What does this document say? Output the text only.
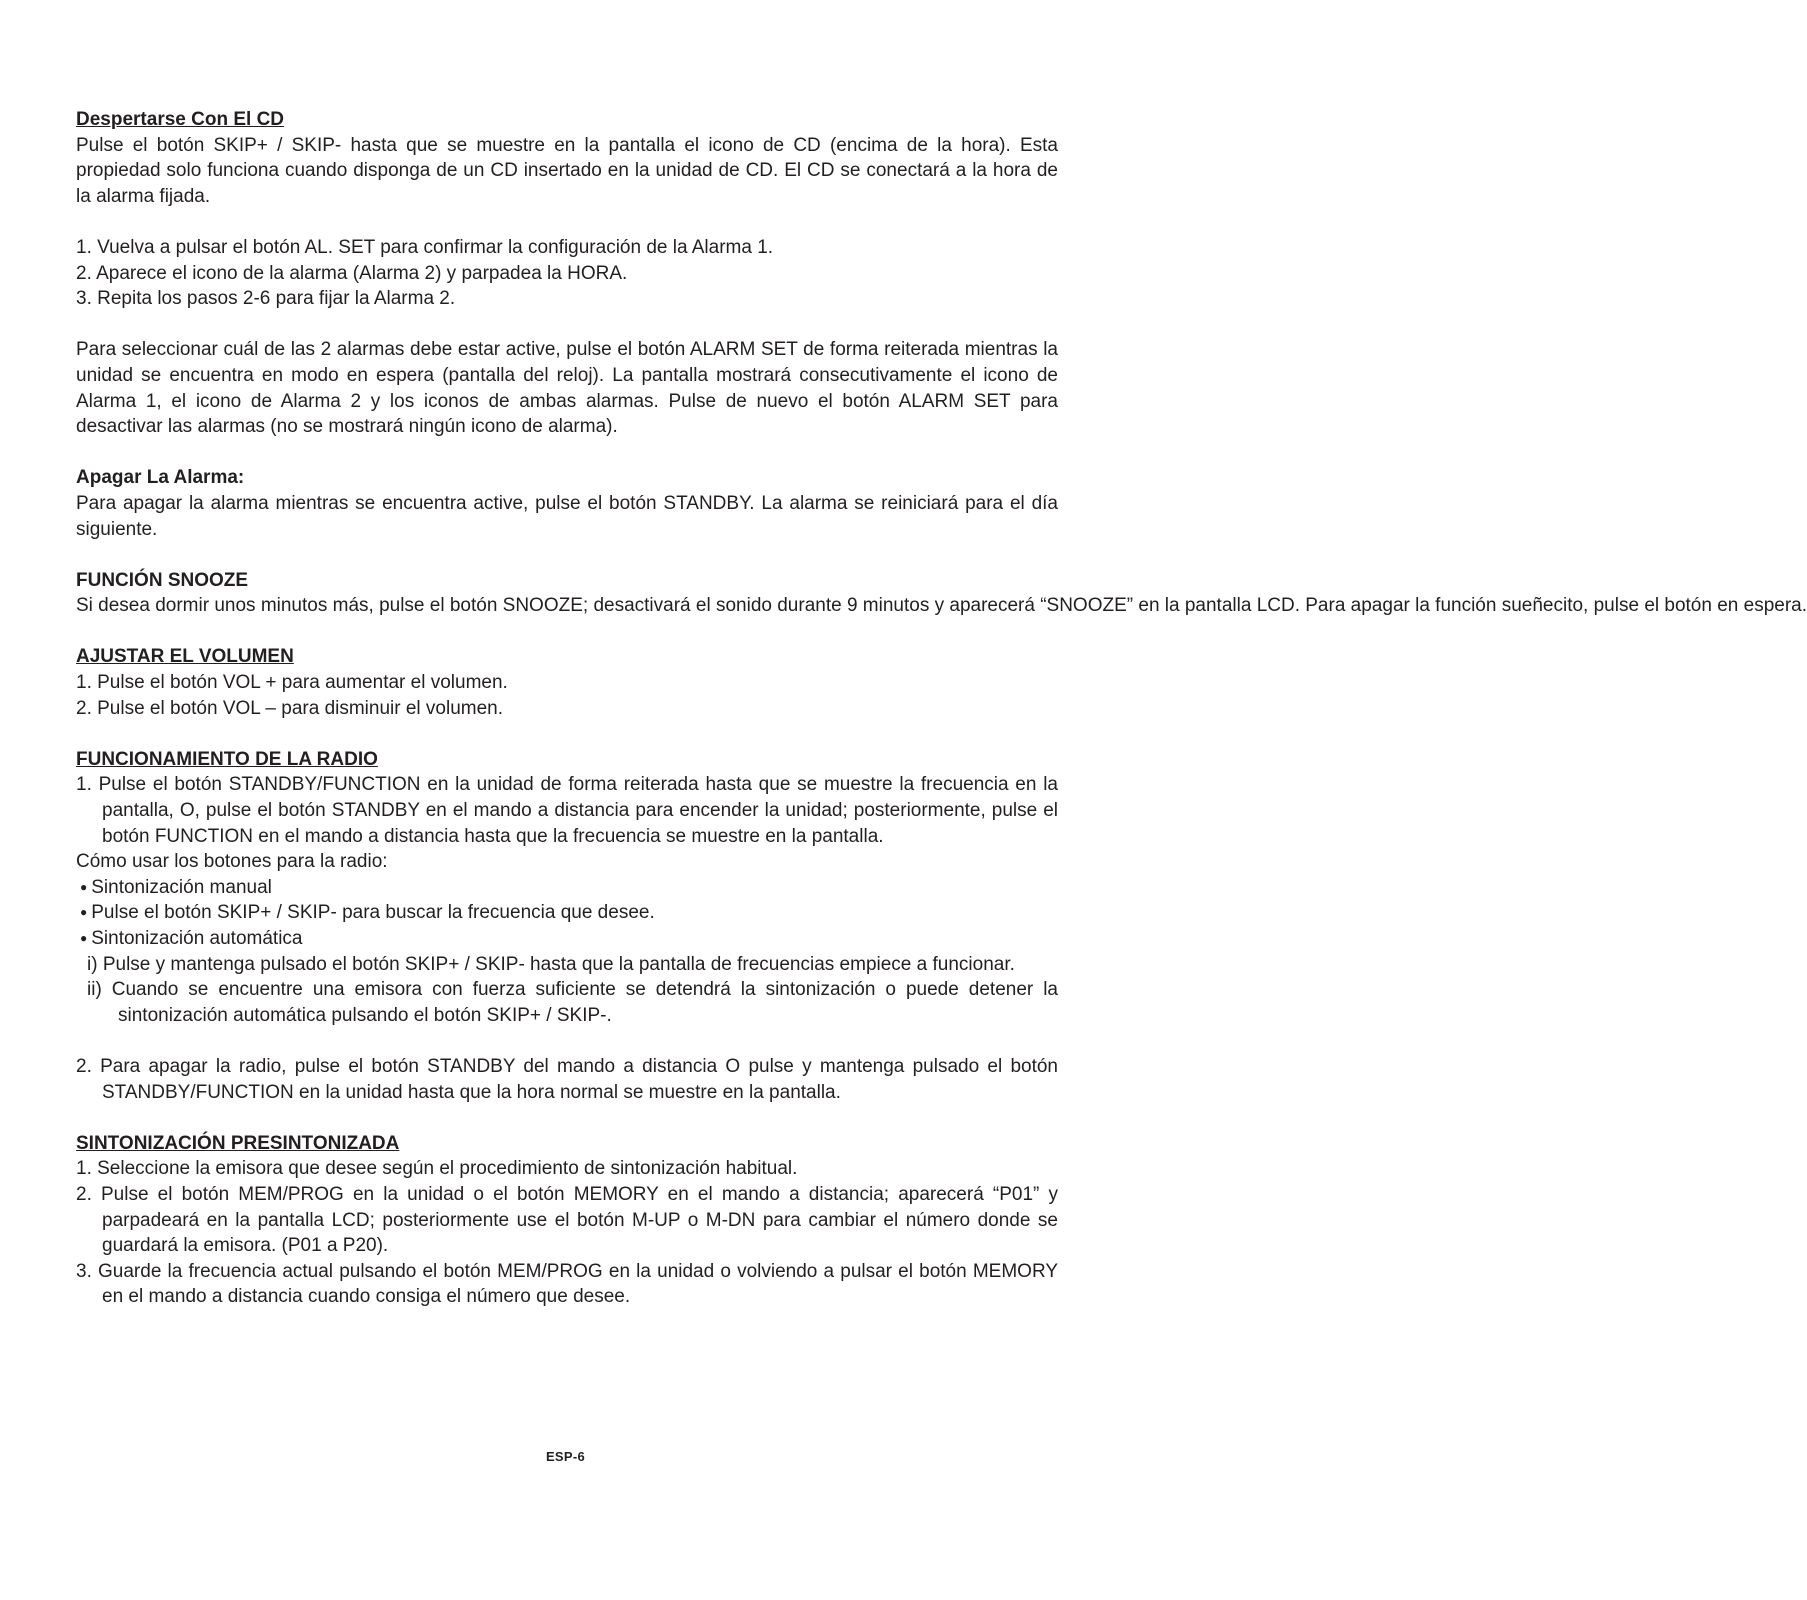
Despertarse Con El CD

Pulse el botón SKIP+ / SKIP- hasta que se muestre en la pantalla el icono de CD (encima de la hora). Esta propiedad solo funciona cuando disponga de un CD insertado en la unidad de CD. El CD se conectará a la hora de la alarma fijada.

1. Vuelva a pulsar el botón AL. SET para confirmar la configuración de la Alarma 1.

2. Aparece el icono de la alarma (Alarma 2) y parpadea la HORA.

3. Repita los pasos 2-6 para fijar la Alarma 2.

Para seleccionar cuál de las 2 alarmas debe estar active, pulse el botón ALARM SET de forma reiterada mientras la unidad se encuentra en modo en espera (pantalla del reloj). La pantalla mostrará consecutivamente el icono de Alarma 1, el icono de Alarma 2 y los iconos de ambas alarmas. Pulse de nuevo el botón ALARM SET para desactivar las alarmas (no se mostrará ningún icono de alarma).

Apagar La Alarma:

Para apagar la alarma mientras se encuentra active, pulse el botón STANDBY. La alarma se reiniciará para el día siguiente.

FUNCIÓN SNOOZE

Si desea dormir unos minutos más, pulse el botón SNOOZE; desactivará el sonido durante 9 minutos y aparecerá “SNOOZE” en la pantalla LCD. Para apagar la función sueñecito, pulse el botón en espera.

AJUSTAR EL VOLUMEN

1. Pulse el botón VOL + para aumentar el volumen.

2. Pulse el botón VOL – para disminuir el volumen.

FUNCIONAMIENTO DE LA RADIO

1. Pulse el botón STANDBY/FUNCTION en la unidad de forma reiterada hasta que se muestre la frecuencia en la pantalla, O, pulse el botón STANDBY en el mando a distancia para encender la unidad; posteriormente, pulse el botón FUNCTION en el mando a distancia hasta que la frecuencia se muestre en la pantalla.

Cómo usar los botones para la radio:

● Sintonización manual

● Pulse el botón SKIP+ / SKIP- para buscar la frecuencia que desee.

● Sintonización automática

i) Pulse y mantenga pulsado el botón SKIP+ / SKIP- hasta que la pantalla de frecuencias empiece a funcionar.

ii) Cuando se encuentre una emisora con fuerza suficiente se detendrá la sintonización o puede detener la sintonización automática pulsando el botón SKIP+ / SKIP-.

2. Para apagar la radio, pulse el botón STANDBY del mando a distancia O pulse y mantenga pulsado el botón STANDBY/FUNCTION en la unidad hasta que la hora normal se muestre en la pantalla.

SINTONIZACIÓN PRESINTONIZADA

1. Seleccione la emisora que desee según el procedimiento de sintonización habitual.

2. Pulse el botón MEM/PROG en la unidad o el botón MEMORY en el mando a distancia; aparecerá “P01” y parpadeará en la pantalla LCD; posteriormente use el botón M-UP o M-DN para cambiar el número donde se guardará la emisora. (P01 a P20).

3. Guarde la frecuencia actual pulsando el botón MEM/PROG en la unidad o volviendo a pulsar el botón MEMORY en el mando a distancia cuando consiga el número que desee.

ESP-6
